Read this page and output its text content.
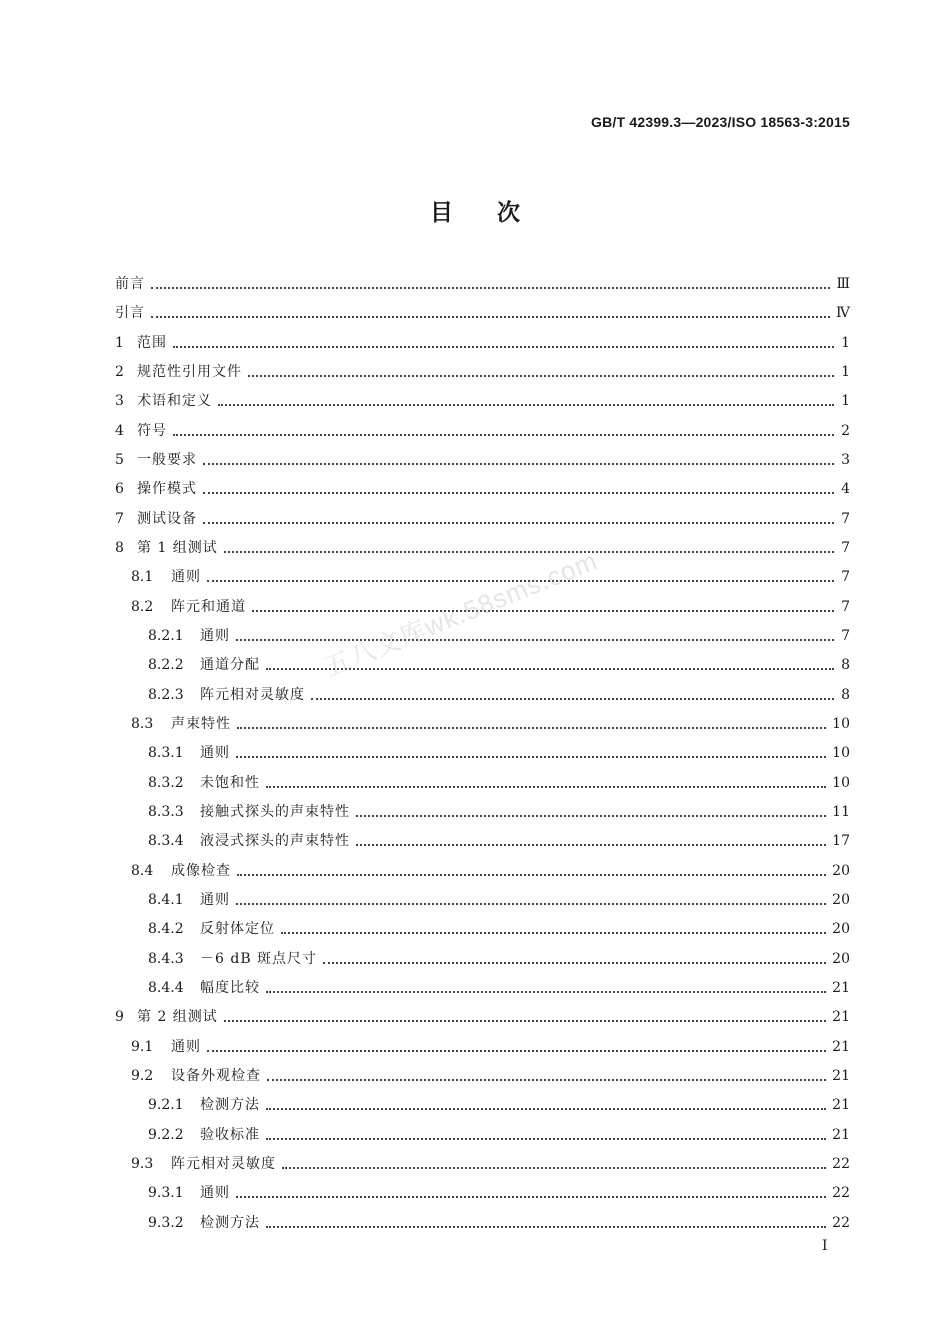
GB/T 42399.3—2023/ISO 18563-3:2015
目次
前言	Ⅲ
引言	Ⅳ
1 范围	1
2 规范性引用文件	1
3 术语和定义	1
4 符号	2
5 一般要求	3
6 操作模式	4
7 测试设备	7
8 第 1 组测试	7
8.1	通则	7
8.2	阵元和通道	7
8.2.1	通则	7
8.2.2	通道分配	8
8.2.3	阵元相对灵敏度	8
8.3	声束特性	10
8.3.1	通则	10
8.3.2	未饱和性	10
8.3.3	接触式探头的声束特性	11
8.3.4	液浸式探头的声束特性	17
8.4	成像检查	20
8.4.1	通则	20
8.4.2	反射体定位	20
8.4.3	－6 dB 斑点尺寸	20
8.4.4	幅度比较	21
9 第 2 组测试	21
9.1	通则	21
9.2	设备外观检查	21
9.2.1	检测方法	21
9.2.2	验收标准	21
9.3	阵元相对灵敏度	22
9.3.1	通则	22
9.3.2	检测方法	22
I
五八文库wk.58sms.com
